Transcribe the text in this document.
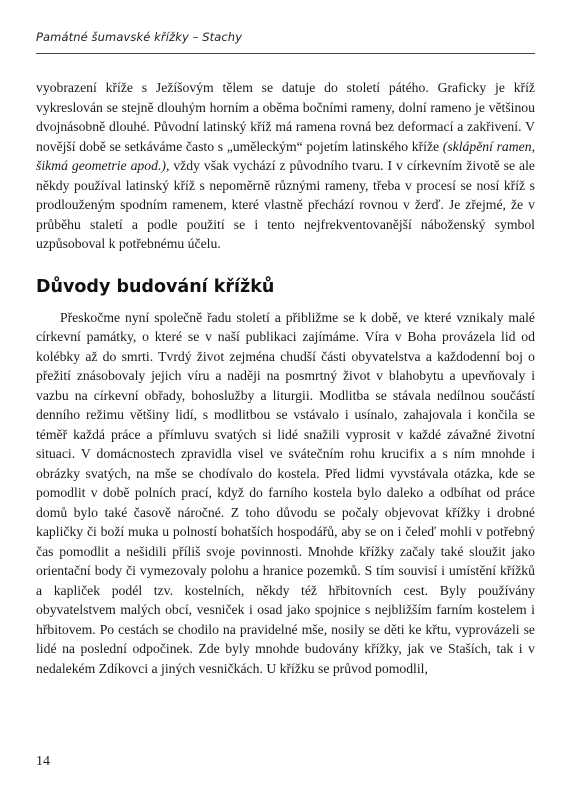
Památné šumavské křížky – Stachy

vyobrazení kříže s Ježíšovým tělem se datuje do století pátého. Graficky je kříž vykreslován se stejně dlouhým horním a oběma bočními rameny, dolní rameno je většinou dvojnásobně dlouhé. Původní latinský kříž má ramena rovná bez deformací a zakřivení. V novější době se setkáváme často s „uměleckým“ pojetím latinského kříže (sklápění ramen, šikmá geometrie apod.), vždy však vychází z původního tvaru. I v církevním životě se ale někdy používal latinský kříž s nepoměrně různými rameny, třeba v procesí se nosí kříž s prodlouženým spodním ramenem, které vlastně přechází rovnou v žerď. Je zřejmé, že v průběhu staletí a podle použití se i tento nejfrekventovanější náboženský symbol uzpůsoboval k potřebnému účelu.

Důvody budování křížků

Přeskočme nyní společně řadu století a přibližme se k době, ve které vznikaly malé církevní památky, o které se v naší publikaci zajímáme. Víra v Boha provázela lid od kolébky až do smrti. Tvrdý život zejména chudší části obyvatelstva a každodenní boj o přežití znásobovaly jejich víru a naději na posmrtný život v blahobytu a upevňovaly i vazbu na církevní obřady, bohoslužby a liturgii. Modlitba se stávala nedílnou součástí denního režimu většiny lidí, s modlitbou se vstávalo i usínalo, zahajovala i končila se téměř každá práce a přímluvu svatých si lidé snažili vyprosit v každé závažné životní situaci. V domácnostech zpravidla visel ve svátečním rohu krucifix a s ním mnohde i obrázky svatých, na mše se chodívalo do kostela. Před lidmi vyvstávala otázka, kde se pomodlit v době polních prací, když do farního kostela bylo daleko a odbíhat od práce domů bylo také časově náročné. Z toho důvodu se počaly objevovat křížky i drobné kapličky či boží muka u polností bohatších hospodářů, aby se on i čeleď mohli v potřebný čas pomodlit a nešidili příliš svoje povinnosti. Mnohde křížky začaly také sloužit jako orientační body či vymezovaly polohu a hranice pozemků. S tím souvisí i umístění křížků a kapliček podél tzv. kostelních, někdy též hřbitovních cest. Byly používány obyvatelstvem malých obcí, vesniček i osad jako spojnice s nejbližším farním kostelem i hřbitovem. Po cestách se chodilo na pravidelné mše, nosily se děti ke křtu, vyprovázeli se lidé na poslední odpočinek. Zde byly mnohde budovány křížky, jak ve Staších, tak i v nedalekém Zdíkovci a jiných vesničkách. U křížku se průvod pomodlil,

14
